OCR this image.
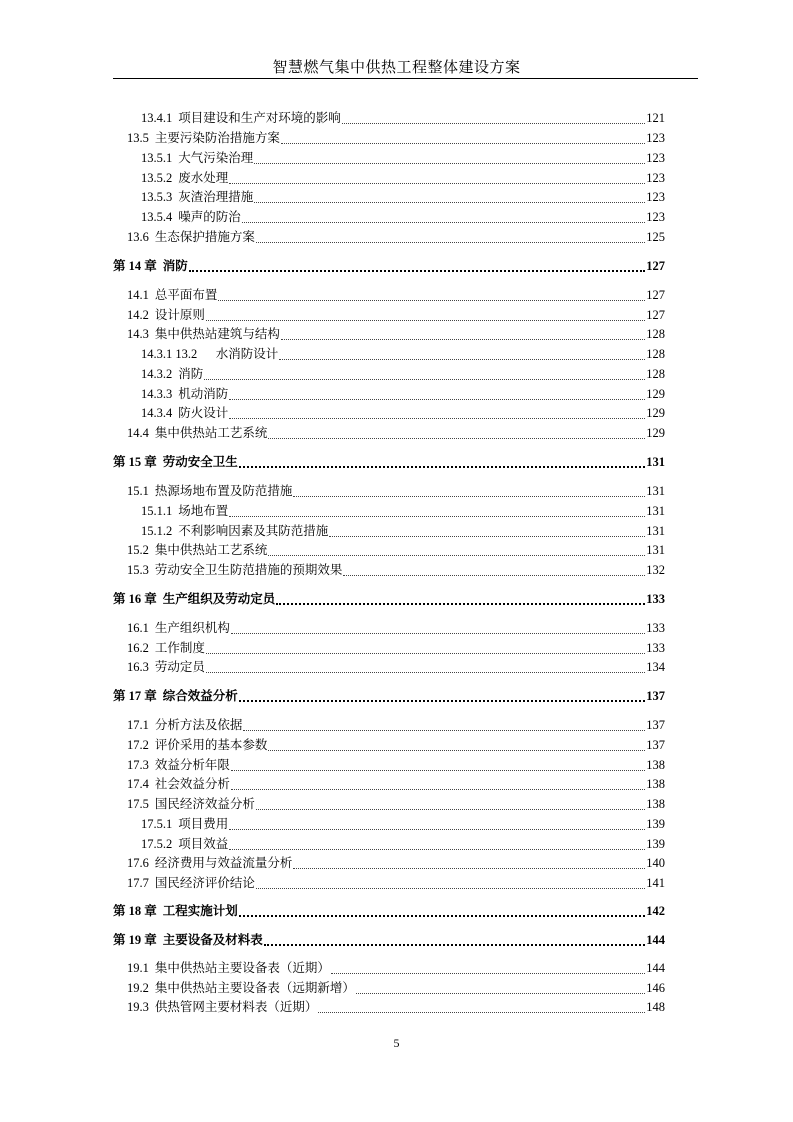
智慧燃气集中供热工程整体建设方案
13.4.1 项目建设和生产对环境的影响	121
13.5 主要污染防治措施方案	123
13.5.1 大气污染治理	123
13.5.2 废水处理	123
13.5.3 灰渣治理措施	123
13.5.4 噪声的防治	123
13.6 生态保护措施方案	125
第 14 章 消防	127
14.1 总平面布置	127
14.2 设计原则	127
14.3 集中供热站建筑与结构	128
14.3.1 13.2 　水消防设计	128
14.3.2 消防	128
14.3.3 机动消防	129
14.3.4 防火设计	129
14.4 集中供热站工艺系统	129
第 15 章 劳动安全卫生	131
15.1 热源场地布置及防范措施	131
15.1.1 场地布置	131
15.1.2 不利影响因素及其防范措施	131
15.2 集中供热站工艺系统	131
15.3 劳动安全卫生防范措施的预期效果	132
第 16 章 生产组织及劳动定员	133
16.1 生产组织机构	133
16.2 工作制度	133
16.3 劳动定员	134
第 17 章 综合效益分析	137
17.1 分析方法及依据	137
17.2 评价采用的基本参数	137
17.3 效益分析年限	138
17.4 社会效益分析	138
17.5 国民经济效益分析	138
17.5.1 项目费用	139
17.5.2 项目效益	139
17.6 经济费用与效益流量分析	140
17.7 国民经济评价结论	141
第 18 章 工程实施计划	142
第 19 章 主要设备及材料表	144
19.1 集中供热站主要设备表（近期）	144
19.2 集中供热站主要设备表（远期新增）	146
19.3 供热管网主要材料表（近期）	148
5
